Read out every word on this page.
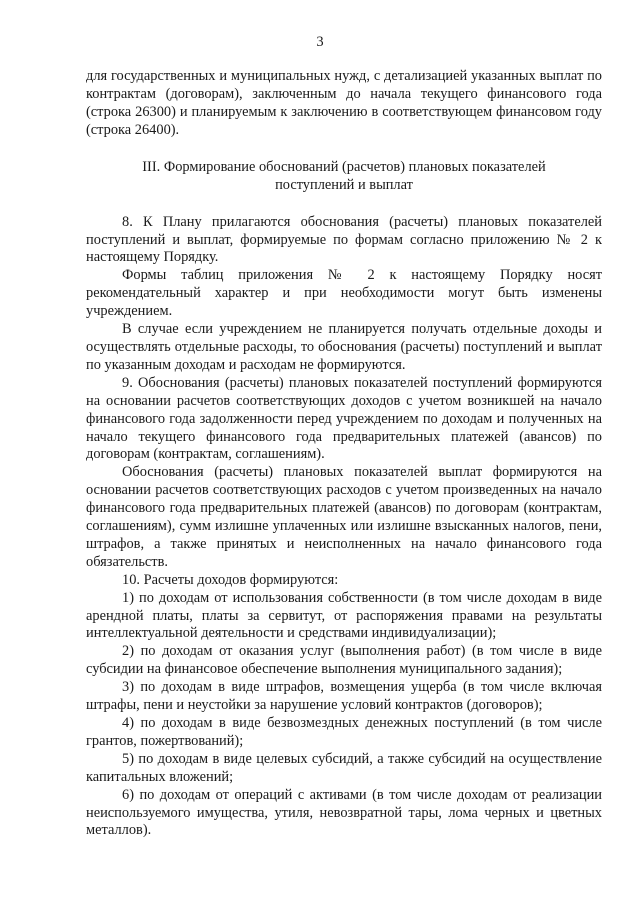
3

для государственных и муниципальных нужд, с детализацией указанных выплат по контрактам (договорам), заключенным до начала текущего финансового года (строка 26300) и планируемым к заключению в соответствующем финансовом году (строка 26400).

III. Формирование обоснований (расчетов) плановых показателей
поступлений и выплат

8. К Плану прилагаются обоснования (расчеты) плановых показателей поступлений и выплат, формируемые по формам согласно приложению № 2 к настоящему Порядку.

Формы таблиц приложения № 2 к настоящему Порядку носят рекомендательный характер и при необходимости могут быть изменены учреждением.

В случае если учреждением не планируется получать отдельные доходы и осуществлять отдельные расходы, то обоснования (расчеты) поступлений и выплат по указанным доходам и расходам не формируются.

9. Обоснования (расчеты) плановых показателей поступлений формируются на основании расчетов соответствующих доходов с учетом возникшей на начало финансового года задолженности перед учреждением по доходам и полученных на начало текущего финансового года предварительных платежей (авансов) по договорам (контрактам, соглашениям).

Обоснования (расчеты) плановых показателей выплат формируются на основании расчетов соответствующих расходов с учетом произведенных на начало финансового года предварительных платежей (авансов) по договорам (контрактам, соглашениям), сумм излишне уплаченных или излишне взысканных налогов, пени, штрафов, а также принятых и неисполненных на начало финансового года обязательств.

10. Расчеты доходов формируются:

1) по доходам от использования собственности (в том числе доходам в виде арендной платы, платы за сервитут, от распоряжения правами на результаты интеллектуальной деятельности и средствами индивидуализации);

2) по доходам от оказания услуг (выполнения работ) (в том числе в виде субсидии на финансовое обеспечение выполнения муниципального задания);

3) по доходам в виде штрафов, возмещения ущерба (в том числе включая штрафы, пени и неустойки за нарушение условий контрактов (договоров);

4) по доходам в виде безвозмездных денежных поступлений (в том числе грантов, пожертвований);

5) по доходам в виде целевых субсидий, а также субсидий на осуществление капитальных вложений;

6) по доходам от операций с активами (в том числе доходам от реализации неиспользуемого имущества, утиля, невозвратной тары, лома черных и цветных металлов).
